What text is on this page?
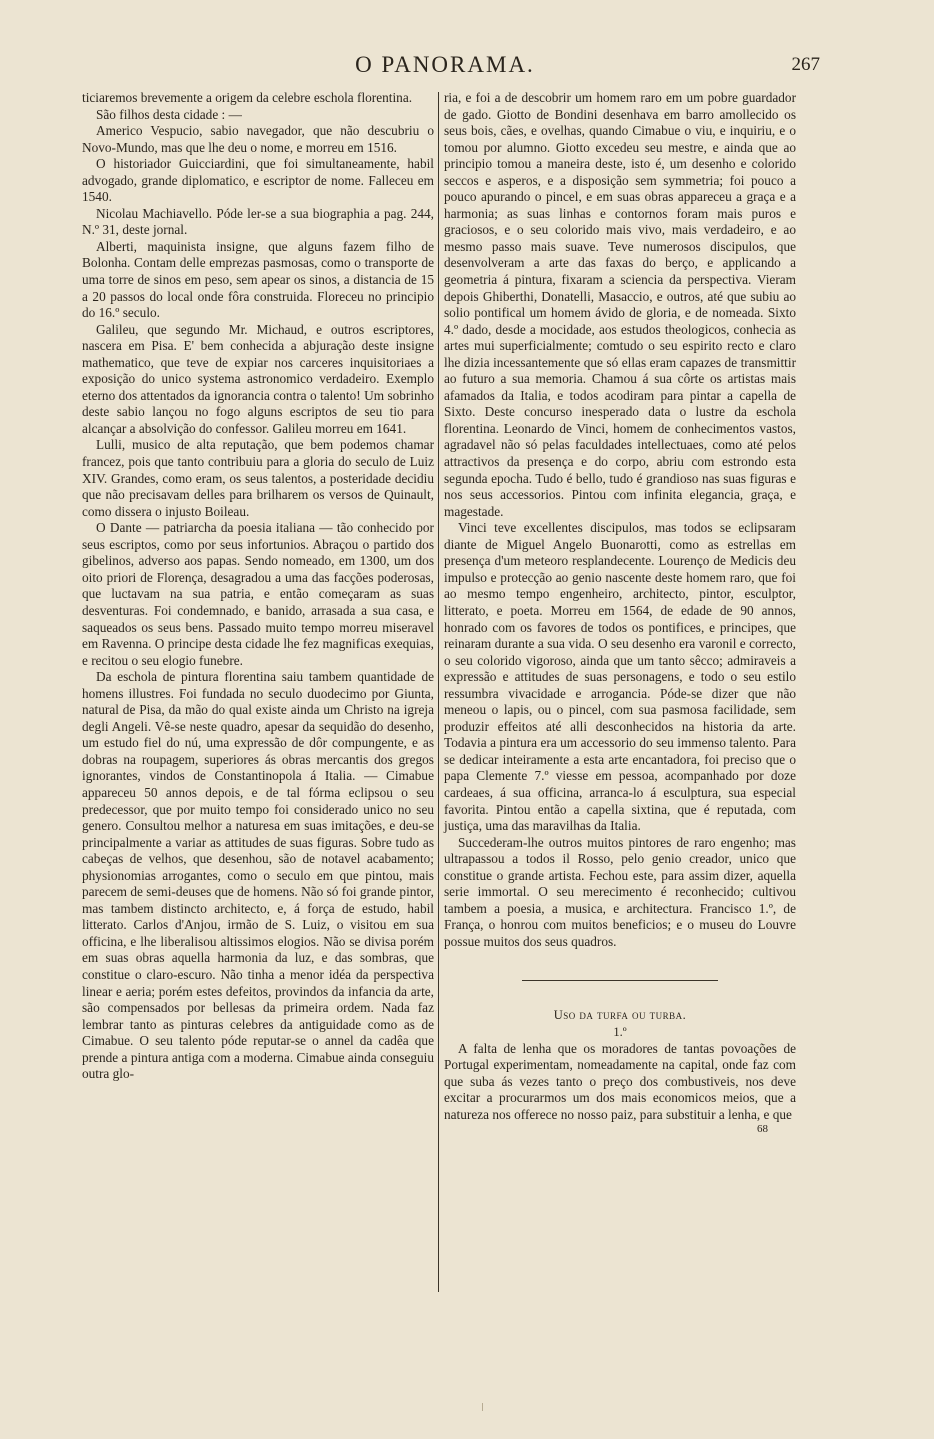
O PANORAMA.	267

ticiaremos brevemente a origem da celebre eschola florentina.

São filhos desta cidade : —

Americo Vespucio, sabio navegador, que não descubriu o Novo-Mundo, mas que lhe deu o nome, e morreu em 1516.

O historiador Guicciardini, que foi simultaneamente, habil advogado, grande diplomatico, e escriptor de nome. Falleceu em 1540.

Nicolau Machiavello. Póde ler-se a sua biographia a pag. 244, N.º 31, deste jornal.

Alberti, maquinista insigne, que alguns fazem filho de Bolonha. Contam delle emprezas pasmosas, como o transporte de uma torre de sinos em peso, sem apear os sinos, a distancia de 15 a 20 passos do local onde fôra construida. Floreceu no principio do 16.º seculo.

Galileu, que segundo Mr. Michaud, e outros escriptores, nascera em Pisa. E' bem conhecida a abjuração deste insigne mathematico, que teve de expiar nos carceres inquisitoriaes a exposição do unico systema astronomico verdadeiro. Exemplo eterno dos attentados da ignorancia contra o talento! Um sobrinho deste sabio lançou no fogo alguns escriptos de seu tio para alcançar a absolvição do confessor. Galileu morreu em 1641.

Lulli, musico de alta reputação, que bem podemos chamar francez, pois que tanto contribuiu para a gloria do seculo de Luiz XIV. Grandes, como eram, os seus talentos, a posteridade decidiu que não precisavam delles para brilharem os versos de Quinault, como dissera o injusto Boileau.

O Dante — patriarcha da poesia italiana — tão conhecido por seus escriptos, como por seus infortunios. Abraçou o partido dos gibelinos, adverso aos papas. Sendo nomeado, em 1300, um dos oito priori de Florença, desagradou a uma das facções poderosas, que luctavam na sua patria, e então começaram as suas desventuras. Foi condemnado, e banido, arrasada a sua casa, e saqueados os seus bens. Passado muito tempo morreu miseravel em Ravenna. O principe desta cidade lhe fez magnificas exequias, e recitou o seu elogio funebre.

Da eschola de pintura florentina saiu tambem quantidade de homens illustres. Foi fundada no seculo duodecimo por Giunta, natural de Pisa, da mão do qual existe ainda um Christo na igreja degli Angeli. Vê-se neste quadro, apesar da sequidão do desenho, um estudo fiel do nú, uma expressão de dôr compungente, e as dobras na roupagem, superiores ás obras mercantis dos gregos ignorantes, vindos de Constantinopola á Italia. — Cimabue appareceu 50 annos depois, e de tal fórma eclipsou o seu predecessor, que por muito tempo foi considerado unico no seu genero. Consultou melhor a naturesa em suas imitações, e deu-se principalmente a variar as attitudes de suas figuras. Sobre tudo as cabeças de velhos, que desenhou, são de notavel acabamento; physionomias arrogantes, como o seculo em que pintou, mais parecem de semi-deuses que de homens. Não só foi grande pintor, mas tambem distincto architecto, e, á força de estudo, habil litterato. Carlos d'Anjou, irmão de S. Luiz, o visitou em sua officina, e lhe liberalisou altissimos elogios. Não se divisa porém em suas obras aquella harmonia da luz, e das sombras, que constitue o claro-escuro. Não tinha a menor idéa da perspectiva linear e aeria; porém estes defeitos, provindos da infancia da arte, são compensados por bellesas da primeira ordem. Nada faz lembrar tanto as pinturas celebres da antiguidade como as de Cimabue. O seu talento póde reputar-se o annel da cadêa que prende a pintura antiga com a moderna. Cimabue ainda conseguiu outra glo-

ria, e foi a de descobrir um homem raro em um pobre guardador de gado. Giotto de Bondini desenhava em barro amollecido os seus bois, cães, e ovelhas, quando Cimabue o viu, e inquiriu, e o tomou por alumno. Giotto excedeu seu mestre, e ainda que ao principio tomou a maneira deste, isto é, um desenho e colorido seccos e asperos, e a disposição sem symmetria; foi pouco a pouco apurando o pincel, e em suas obras appareceu a graça e a harmonia; as suas linhas e contornos foram mais puros e graciosos, e o seu colorido mais vivo, mais verdadeiro, e ao mesmo passo mais suave. Teve numerosos discipulos, que desenvolveram a arte das faxas do berço, e applicando a geometria á pintura, fixaram a sciencia da perspectiva. Vieram depois Ghiberthi, Donatelli, Masaccio, e outros, até que subiu ao solio pontifical um homem ávido de gloria, e de nomeada. Sixto 4.º dado, desde a mocidade, aos estudos theologicos, conhecia as artes mui superficialmente; comtudo o seu espirito recto e claro lhe dizia incessantemente que só ellas eram capazes de transmittir ao futuro a sua memoria. Chamou á sua côrte os artistas mais afamados da Italia, e todos acodiram para pintar a capella de Sixto. Deste concurso inesperado data o lustre da eschola florentina. Leonardo de Vinci, homem de conhecimentos vastos, agradavel não só pelas faculdades intellectuaes, como até pelos attractivos da presença e do corpo, abriu com estrondo esta segunda epocha. Tudo é bello, tudo é grandioso nas suas figuras e nos seus accessorios. Pintou com infinita elegancia, graça, e magestade.

Vinci teve excellentes discipulos, mas todos se eclipsaram diante de Miguel Angelo Buonarotti, como as estrellas em presença d'um meteoro resplandecente. Lourenço de Medicis deu impulso e protecção ao genio nascente deste homem raro, que foi ao mesmo tempo engenheiro, architecto, pintor, esculptor, litterato, e poeta. Morreu em 1564, de edade de 90 annos, honrado com os favores de todos os pontifices, e principes, que reinaram durante a sua vida. O seu desenho era varonil e correcto, o seu colorido vigoroso, ainda que um tanto sêcco; admiraveis a expressão e attitudes de suas personagens, e todo o seu estilo ressumbra vivacidade e arrogancia. Póde-se dizer que não meneou o lapis, ou o pincel, com sua pasmosa facilidade, sem produzir effeitos até alli desconhecidos na historia da arte. Todavia a pintura era um accessorio do seu immenso talento. Para se dedicar inteiramente a esta arte encantadora, foi preciso que o papa Clemente 7.º viesse em pessoa, acompanhado por doze cardeaes, á sua officina, arranca-lo á esculptura, sua especial favorita. Pintou então a capella sixtina, que é reputada, com justiça, uma das maravilhas da Italia.

Succederam-lhe outros muitos pintores de raro engenho; mas ultrapassou a todos il Rosso, pelo genio creador, unico que constitue o grande artista. Fechou este, para assim dizer, aquella serie immortal. O seu merecimento é reconhecido; cultivou tambem a poesia, a musica, e architectura. Francisco 1.º, de França, o honrou com muitos beneficios; e o museu do Louvre possue muitos dos seus quadros.

Uso da turfa ou turba.

1.º

A falta de lenha que os moradores de tantas povoações de Portugal experimentam, nomeadamente na capital, onde faz com que suba ás vezes tanto o preço dos combustiveis, nos deve excitar a procurarmos um dos mais economicos meios, que a natureza nos offerece no nosso paiz, para substituir a lenha, e que

68
